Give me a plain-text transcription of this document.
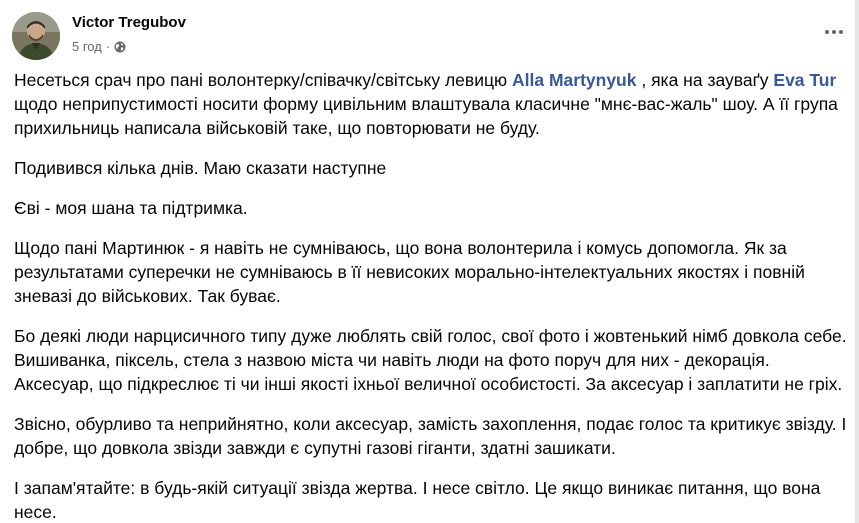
Victor Tregubov
5 год ·

Несеться срач про пані волонтерку/співачку/світську левицю Alla Martynyuk , яка на зауваґу Eva Tur щодо неприпустимості носити форму цивільним влаштувала класичне "мнє-вас-жаль" шоу. А її група прихильниць написала військовій таке, що повторювати не буду.

Подивився кілька днів. Маю сказати наступне

Єві - моя шана та підтримка.

Щодо пані Мартинюк - я навіть не сумніваюсь, що вона волонтерила і комусь допомогла. Як за результатами суперечки не сумніваюсь в її невисоких морально-інтелектуальних якостях і повній зневазі до військових. Так буває.

Бо деякі люди нарцисичного типу дуже люблять свій голос, свої фото і жовтенький німб довкола себе. Вишиванка, піксель, стела з назвою міста чи навіть люди на фото поруч для них - декорація. Аксесуар, що підкреслює ті чи інші якості іхньої величної особистості. За аксесуар і заплатити не гріх.

Звісно, обурливо та неприйнятно, коли аксесуар, замість захоплення, подає голос та критикує звізду. І добре, що довкола звізди завжди є супутні газові гіганти, здатні зашикати.

І запам'ятайте: в будь-якій ситуації звізда жертва. І несе світло. Це якщо виникає питання, що вона несе.
